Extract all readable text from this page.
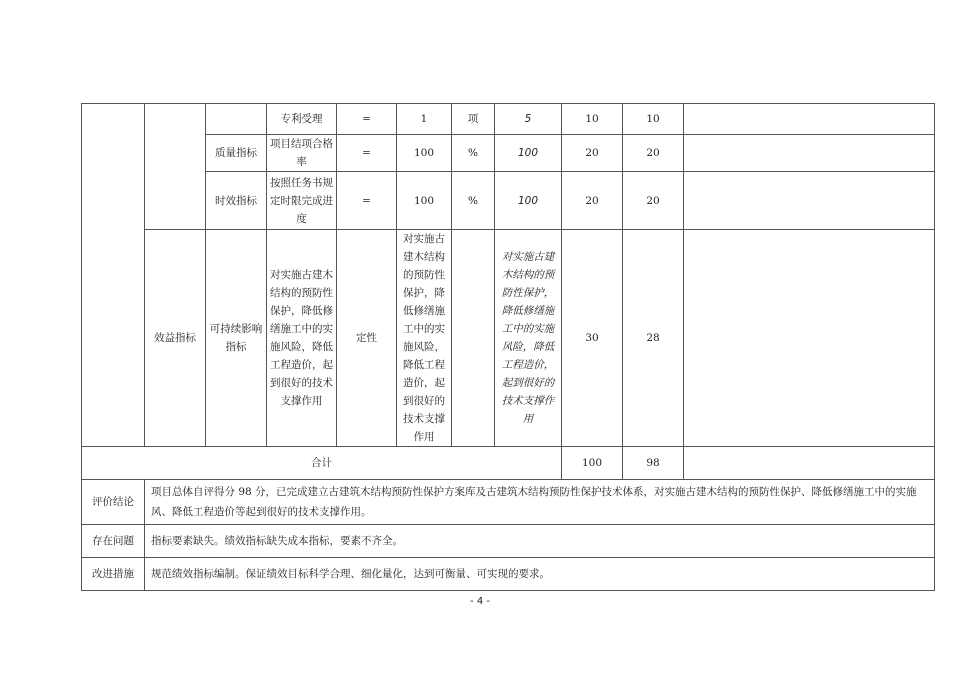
			专利受理	=	1	项	5	10	10	
		质量指标	项目结项合格率	=	100	%	100	20	20	
		时效指标	按照任务书规定时限完成进度	=	100	%	100	20	20	
	效益指标	可持续影响指标	对实施古建木结构的预防性保护，降低修缮施工中的实施风险，降低工程造价，起到很好的技术支撑作用	定性	对实施古建木结构的预防性保护，降低修缮施工中的实施风险，降低工程造价，起到很好的技术支撑作用		对实施古建木结构的预防性保护，降低修缮施工中的实施风险，降低工程造价，起到很好的技术支撑作用	30	28	
合计								100	98	
评价结论	项目总体自评得分 98 分，已完成建立古建筑木结构预防性保护方案库及古建筑木结构预防性保护技术体系，对实施古建木结构的预防性保护、降低修缮施工中的实施风、降低工程造价等起到很好的技术支撑作用。									
存在问题	指标要素缺失。绩效指标缺失成本指标，要素不齐全。									
改进措施	规范绩效指标编制。保证绩效目标科学合理、细化量化，达到可衡量、可实现的要求。									
- 4 -
